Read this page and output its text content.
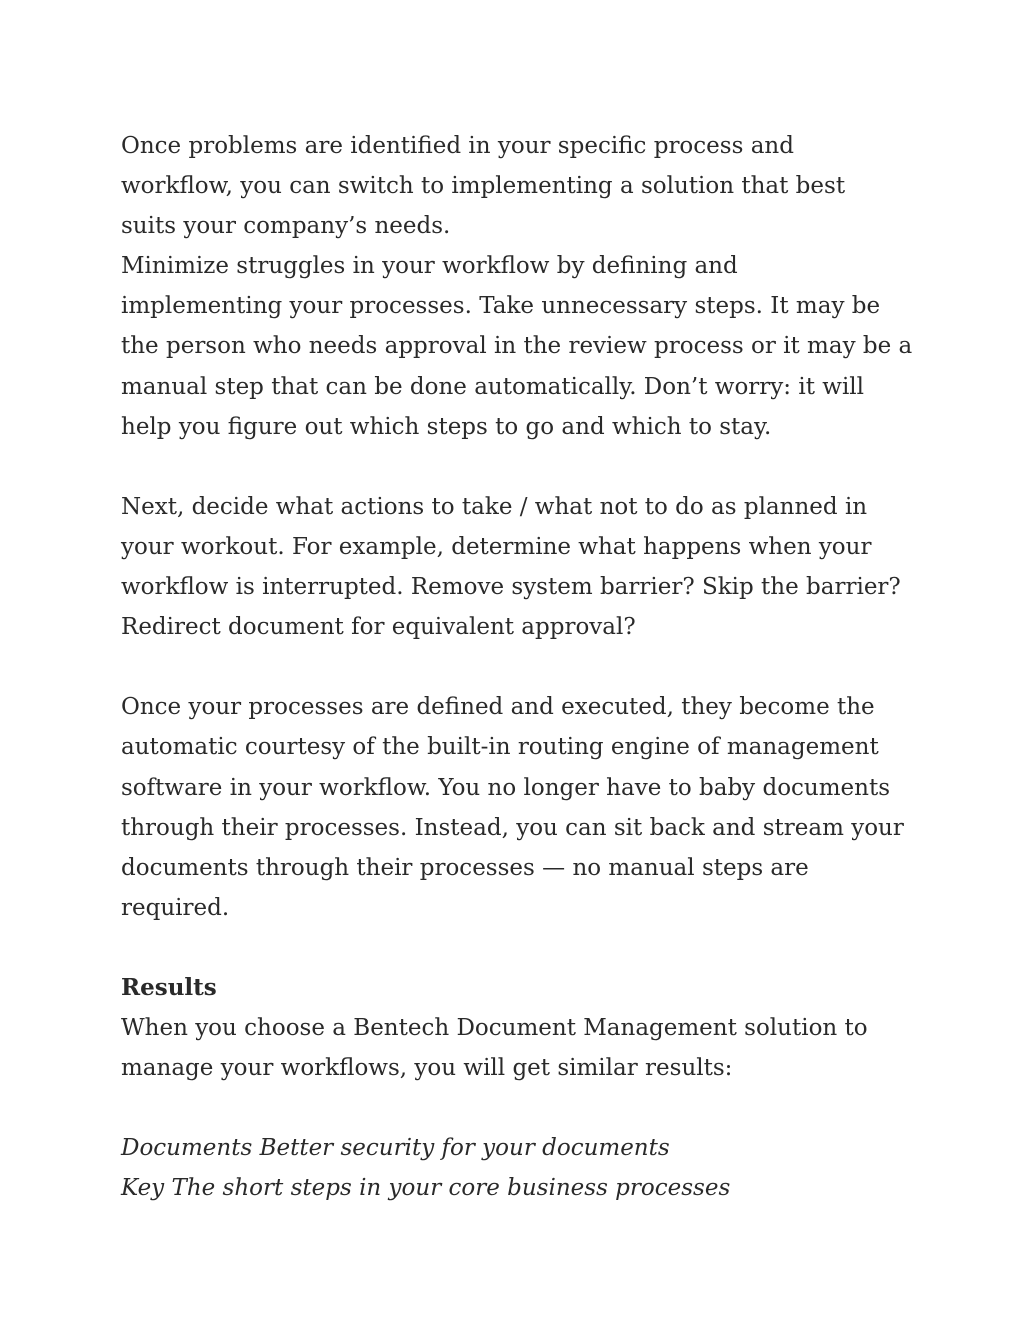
Once problems are identified in your specific process and
workflow, you can switch to implementing a solution that best
suits your company’s needs.

Minimize struggles in your workflow by defining and
implementing your processes. Take unnecessary steps. It may be
the person who needs approval in the review process or it may be a
manual step that can be done automatically. Don’t worry: it will
help you figure out which steps to go and which to stay.

Next, decide what actions to take / what not to do as planned in
your workout. For example, determine what happens when your
workflow is interrupted. Remove system barrier? Skip the barrier?
Redirect document for equivalent approval?

Once your processes are defined and executed, they become the
automatic courtesy of the built-in routing engine of management
software in your workflow. You no longer have to baby documents
through their processes. Instead, you can sit back and stream your
documents through their processes — no manual steps are
required.

Results

When you choose a Bentech Document Management solution to
manage your workflows, you will get similar results:

Documents Better security for your documents

Key The short steps in your core business processes
